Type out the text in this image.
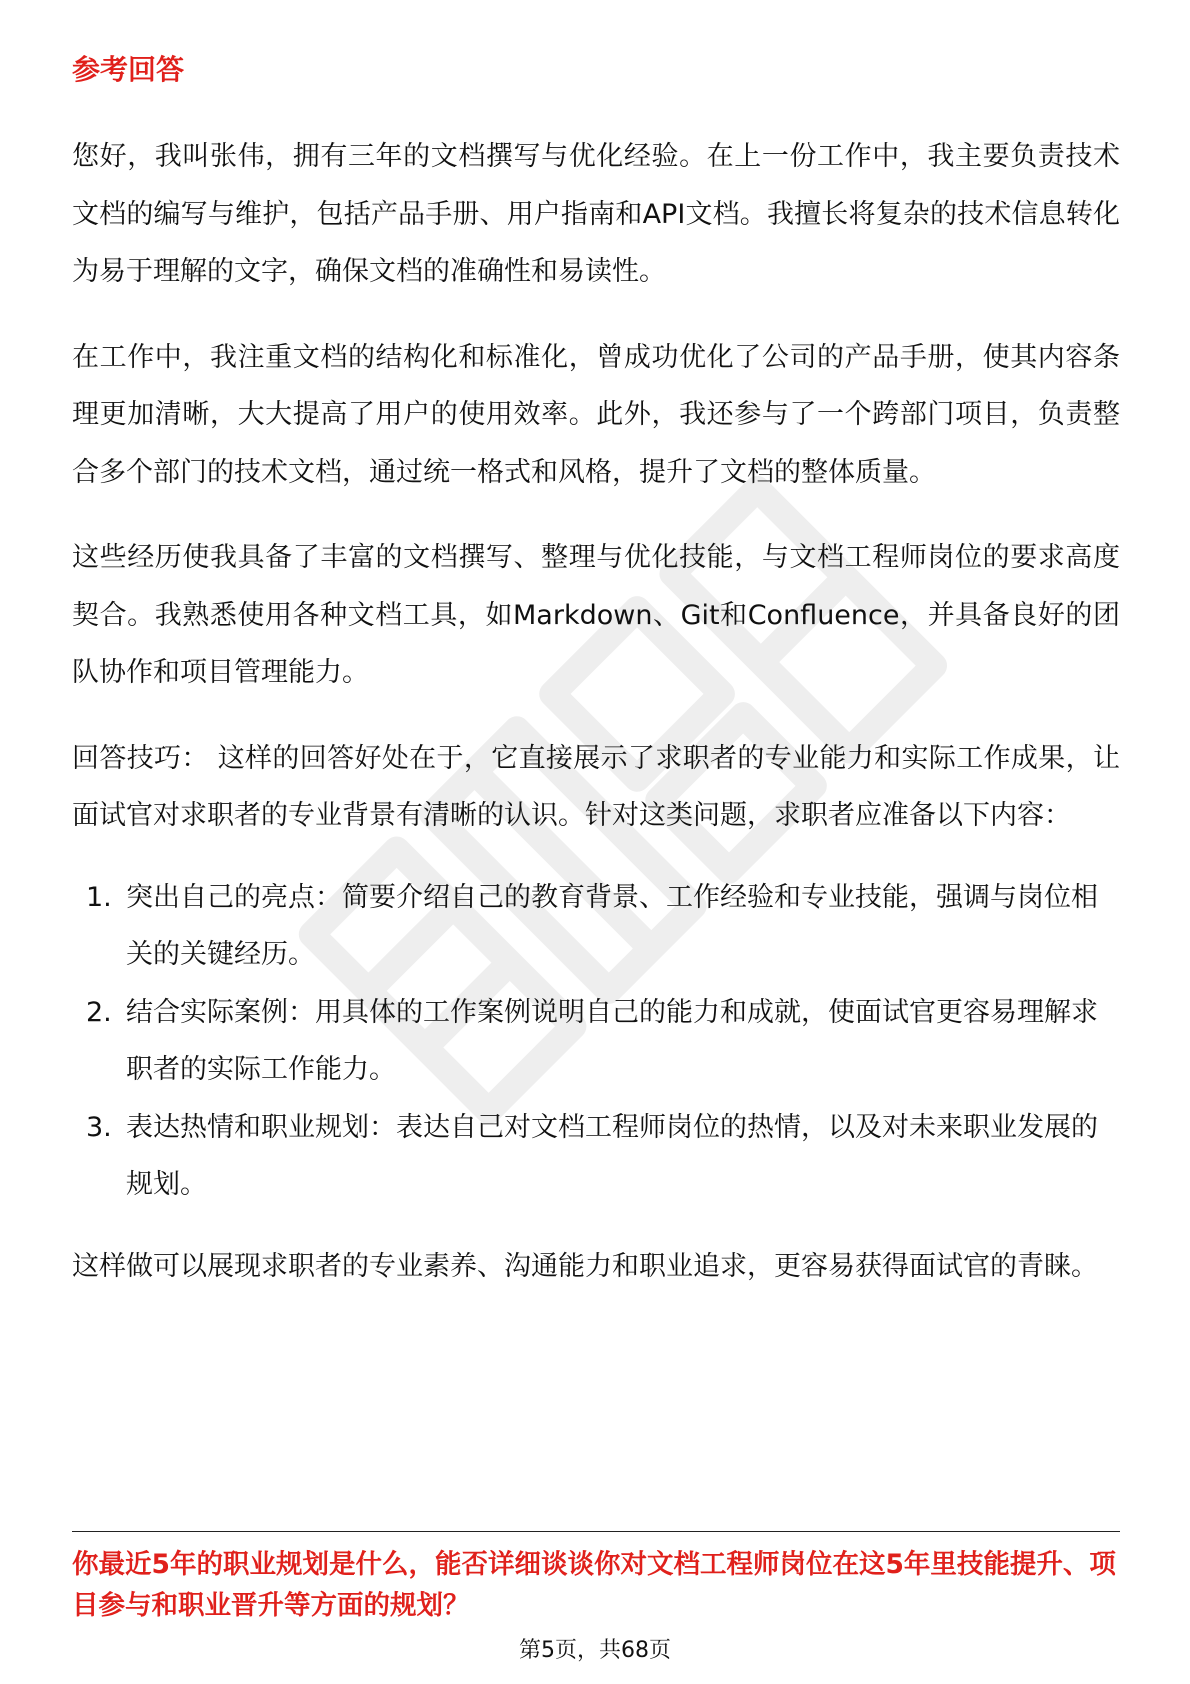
参考回答

您好，我叫张伟，拥有三年的文档撰写与优化经验。在上一份工作中，我主要负责技术文档的编写与维护，包括产品手册、用户指南和API文档。我擅长将复杂的技术信息转化为易于理解的文字，确保文档的准确性和易读性。

在工作中，我注重文档的结构化和标准化，曾成功优化了公司的产品手册，使其内容条理更加清晰，大大提高了用户的使用效率。此外，我还参与了一个跨部门项目，负责整合多个部门的技术文档，通过统一格式和风格，提升了文档的整体质量。

这些经历使我具备了丰富的文档撰写、整理与优化技能，与文档工程师岗位的要求高度契合。我熟悉使用各种文档工具，如Markdown、Git和Confluence，并具备良好的团队协作和项目管理能力。

回答技巧： 这样的回答好处在于，它直接展示了求职者的专业能力和实际工作成果，让面试官对求职者的专业背景有清晰的认识。针对这类问题，求职者应准备以下内容：

1. 突出自己的亮点：简要介绍自己的教育背景、工作经验和专业技能，强调与岗位相关的关键经历。
2. 结合实际案例：用具体的工作案例说明自己的能力和成就，使面试官更容易理解求职者的实际工作能力。
3. 表达热情和职业规划：表达自己对文档工程师岗位的热情，以及对未来职业发展的规划。

这样做可以展现求职者的专业素养、沟通能力和职业追求，更容易获得面试官的青睐。

你最近5年的职业规划是什么，能否详细谈谈你对文档工程师岗位在这5年里技能提升、项目参与和职业晋升等方面的规划？
第5页，共68页
